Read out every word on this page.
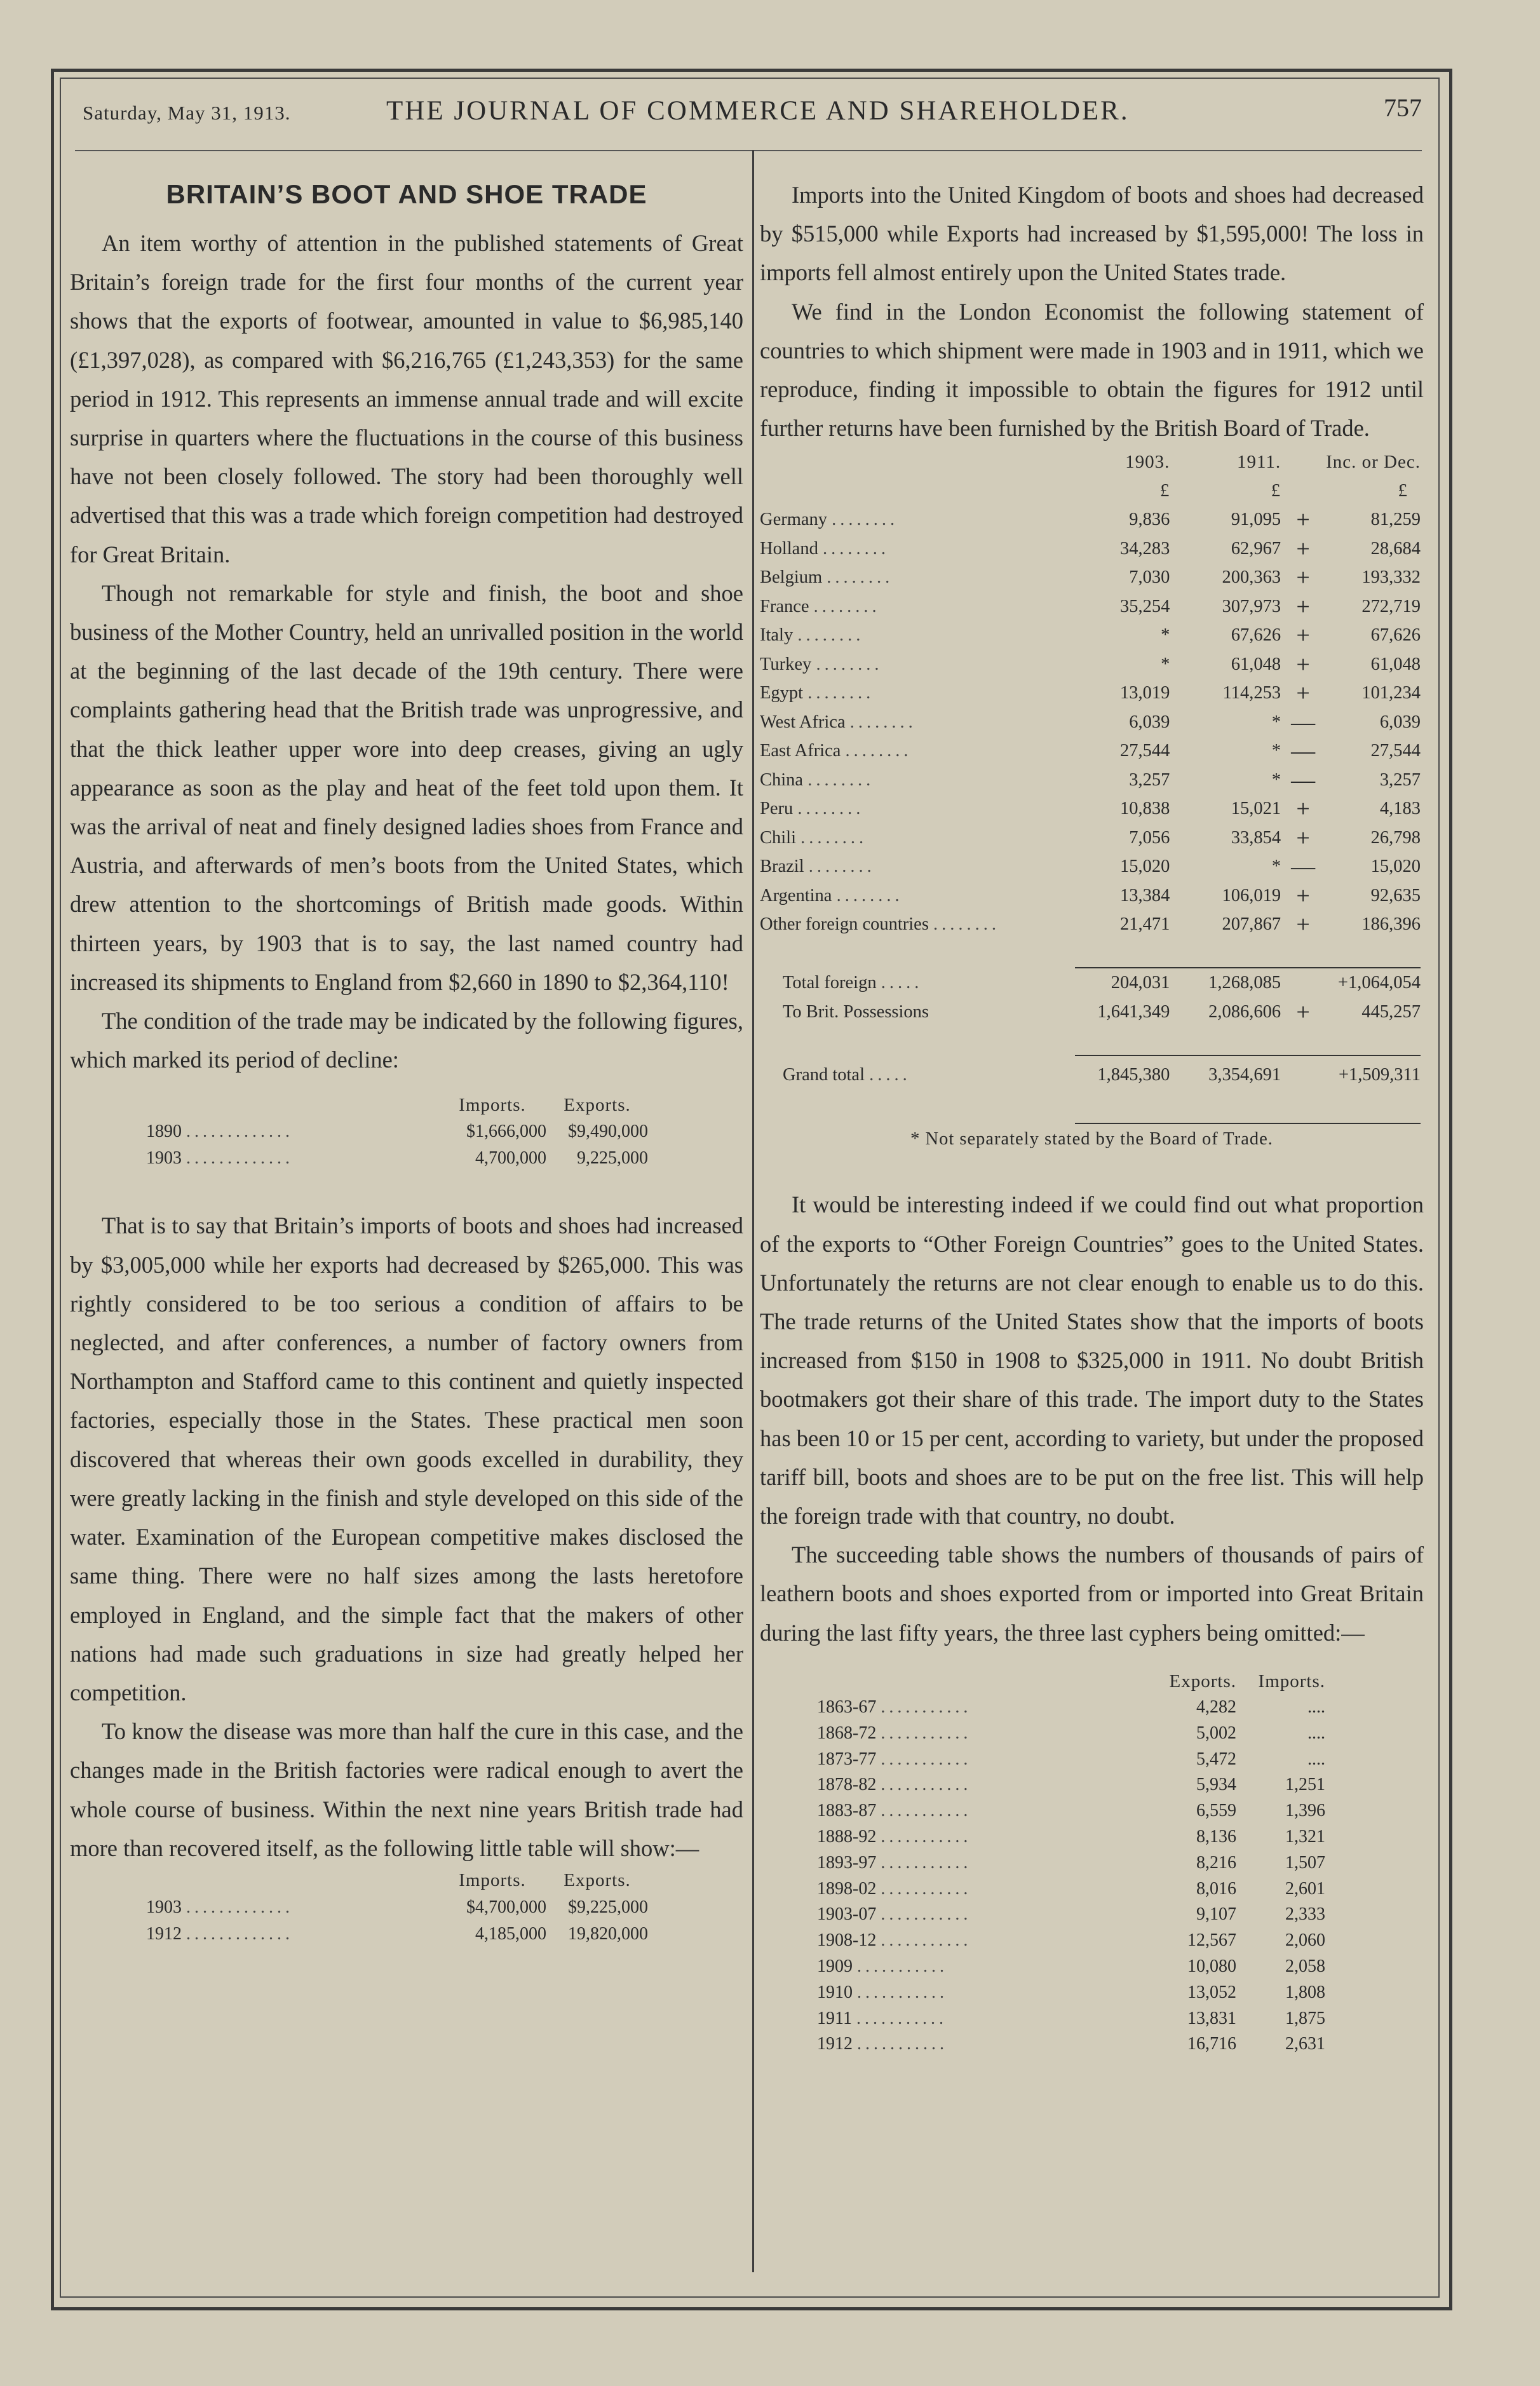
Saturday, May 31, 1913.	THE JOURNAL OF COMMERCE AND SHAREHOLDER.	757
BRITAIN’S BOOT AND SHOE TRADE

An item worthy of attention in the published statements of Great Britain’s foreign trade for the first four months of the current year shows that the exports of footwear, amounted in value to $6,985,140 (£1,397,028), as compared with $6,216,765 (£1,243,353) for the same period in 1912. This represents an immense annual trade and will excite surprise in quarters where the fluctuations in the course of this business have not been closely followed. The story had been thoroughly well advertised that this was a trade which foreign competition had destroyed for Great Britain.

Though not remarkable for style and finish, the boot and shoe business of the Mother Country, held an unrivalled position in the world at the beginning of the last decade of the 19th century. There were complaints gathering head that the British trade was unprogressive, and that the thick leather upper wore into deep creases, giving an ugly appearance as soon as the play and heat of the feet told upon them. It was the arrival of neat and finely designed ladies shoes from France and Austria, and afterwards of men’s boots from the United States, which drew attention to the shortcomings of British made goods. Within thirteen years, by 1903 that is to say, the last named country had increased its shipments to England from $2,660 in 1890 to $2,364,110!

The condition of the trade may be indicated by the following figures, which marked its period of decline:

	Imports.	Exports.
1890 .............	$1,666,000	$9,490,000
1903 .............	4,700,000	9,225,000

That is to say that Britain’s imports of boots and shoes had increased by $3,005,000 while her exports had decreased by $265,000. This was rightly considered to be too serious a condition of affairs to be neglected, and after conferences, a number of factory owners from Northampton and Stafford came to this continent and quietly inspected factories, especially those in the States. These practical men soon discovered that whereas their own goods excelled in durability, they were greatly lacking in the finish and style developed on this side of the water. Examination of the European competitive makes disclosed the same thing. There were no half sizes among the lasts heretofore employed in England, and the simple fact that the makers of other nations had made such graduations in size had greatly helped her competition.

To know the disease was more than half the cure in this case, and the changes made in the British factories were radical enough to avert the whole course of business. Within the next nine years British trade had more than recovered itself, as the following little table will show:—

	Imports.	Exports.
1903 .............	$4,700,000	$9,225,000
1912 .............	4,185,000	19,820,000

Imports into the United Kingdom of boots and shoes had decreased by $515,000 while Exports had increased by $1,595,000! The loss in imports fell almost entirely upon the United States trade.

We find in the London Economist the following statement of countries to which shipment were made in 1903 and in 1911, which we reproduce, finding it impossible to obtain the figures for 1912 until further returns have been furnished by the British Board of Trade.

	1903.	1911.	Inc. or Dec.	
	£	£	£	
Germany ........	9,836	91,095	+	81,259
Holland ........	34,283	62,967	+	28,684
Belgium ........	7,030	200,363	+	193,332
France ........	35,254	307,973	+	272,719
Italy ........	*	67,626	+	67,626
Turkey ........	*	61,048	+	61,048
Egypt ........	13,019	114,253	+	101,234
West Africa ........	6,039	*	—	6,039
East Africa ........	27,544	*	—	27,544
China ........	3,257	*	—	3,257
Peru ........	10,838	15,021	+	4,183
Chili ........	7,056	33,854	+	26,798
Brazil ........	15,020	*	—	15,020
Argentina ........	13,384	106,019	+	92,635
Other foreign countries ........	21,471	207,867	+	186,396

Total foreign .....	204,031	1,268,085		+1,064,054
To Brit. Possessions	1,641,349	2,086,606	+	445,257

Grand total .....	1,845,380	3,354,691		+1,509,311

* Not separately stated by the Board of Trade.

It would be interesting indeed if we could find out what proportion of the exports to “Other Foreign Countries” goes to the United States. Unfortunately the returns are not clear enough to enable us to do this. The trade returns of the United States show that the imports of boots increased from $150 in 1908 to $325,000 in 1911. No doubt British bootmakers got their share of this trade. The import duty to the States has been 10 or 15 per cent, according to variety, but under the proposed tariff bill, boots and shoes are to be put on the free list. This will help the foreign trade with that country, no doubt.

The succeeding table shows the numbers of thousands of pairs of leathern boots and shoes exported from or imported into Great Britain during the last fifty years, the three last cyphers being omitted:—

	Exports.	Imports.
1863-67 ...........	4,282	....
1868-72 ...........	5,002	....
1873-77 ...........	5,472	....
1878-82 ...........	5,934	1,251
1883-87 ...........	6,559	1,396
1888-92 ...........	8,136	1,321
1893-97 ...........	8,216	1,507
1898-02 ...........	8,016	2,601
1903-07 ...........	9,107	2,333
1908-12 ...........	12,567	2,060
1909 ...........	10,080	2,058
1910 ...........	13,052	1,808
1911 ...........	13,831	1,875
1912 ...........	16,716	2,631
